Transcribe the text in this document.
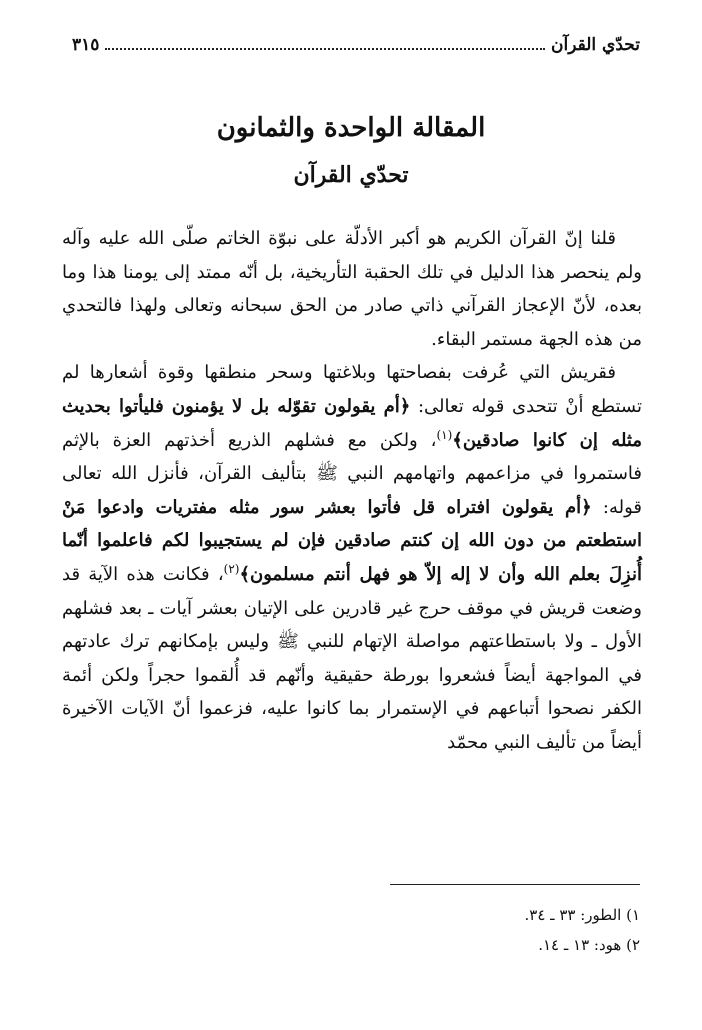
تحدّي القرآن
٣١٥
المقالة الواحدة والثمانون
تحدّي القرآن

قلنا إنّ القرآن الكريم هو أكبر الأدلّة على نبوّة الخاتم صلّى الله عليه وآله ولم ينحصر هذا الدليل في تلك الحقبة التأريخية، بل أنّه ممتد إلى يومنا هذا وما بعده، لأنّ الإعجاز القرآني ذاتي صادر من الحق سبحانه وتعالى ولهذا فالتحدي من هذه الجهة مستمر البقاء.

فقريش التي عُرفت بفصاحتها وبلاغتها وسحر منطقها وقوة أشعارها لم تستطع أنْ تتحدى قوله تعالى: ﴿أم يقولون تقوّله بل لا يؤمنون فليأتوا بحديث مثله إن كانوا صادقين﴾$^{(١)}$، ولكن مع فشلهم الذريع أخذتهم العزة بالإثم فاستمروا في مزاعمهم واتهامهم النبي ﷺ بتأليف القرآن، فأنزل الله تعالى قوله: ﴿أم يقولون افتراه قل فأتوا بعشر سور مثله مفتريات وادعوا مَنْ استطعتم من دون الله إن كنتم صادقين فإن لم يستجيبوا لكم فاعلموا أنّما أُنزِلَ بعلم الله وأن لا إله إلاّ هو فهل أنتم مسلمون﴾$^{(٢)}$، فكانت هذه الآية قد وضعت قريش في موقف حرج غير قادرين على الإتيان بعشر آيات ـ بعد فشلهم الأول ـ ولا باستطاعتهم مواصلة الإتهام للنبي ﷺ وليس بإمكانهم ترك عادتهم في المواجهة أيضاً فشعروا بورطة حقيقية وأنّهم قد أُلقموا حجراً ولكن أئمة الكفر نصحوا أتباعهم في الإستمرار بما كانوا عليه، فزعموا أنّ الآيات الآخيرة أيضاً من تأليف النبي محمّد

١) الطور: ٣٣ ـ ٣٤.

٢) هود: ١٣ ـ ١٤.
